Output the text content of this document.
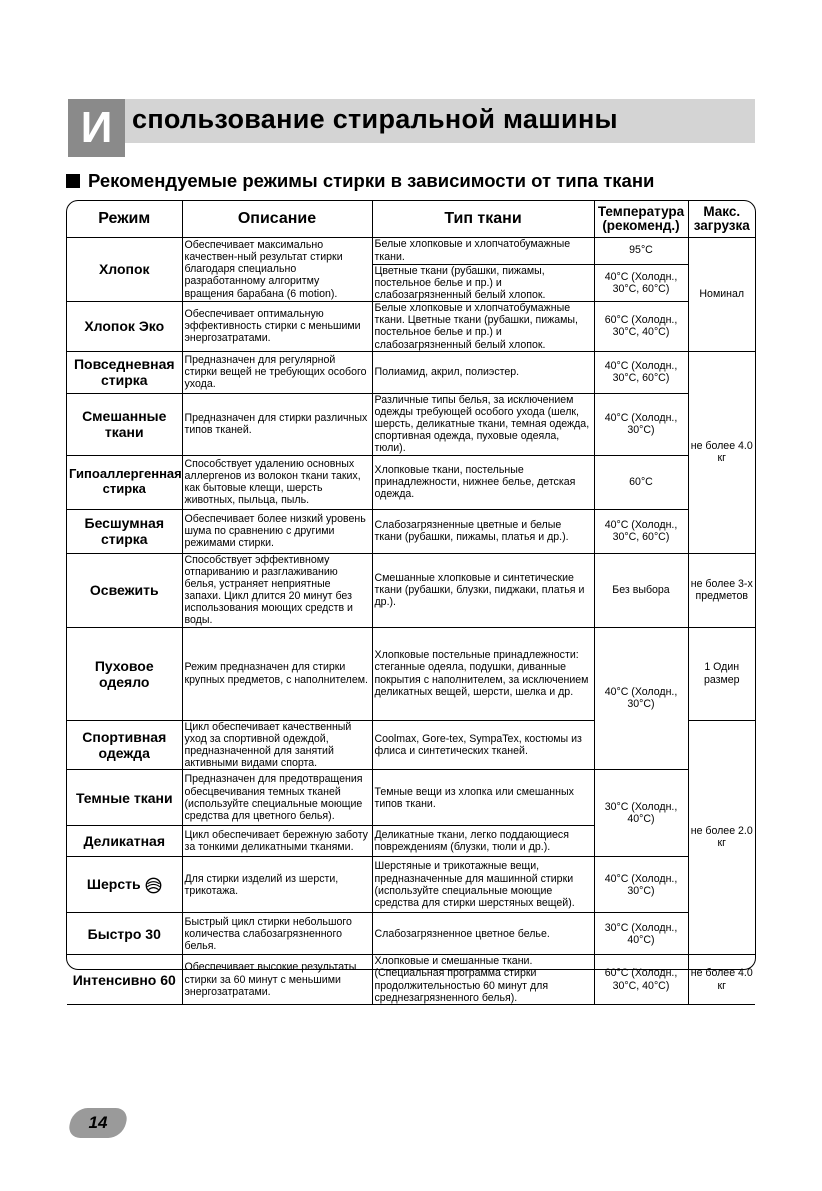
И спользование стиральной машины
Рекомендуемые режимы стирки в зависимости от типа ткани
Режим	Описание	Тип ткани	Температура (рекоменд.)	Макс. загрузка
Хлопок	Обеспечивает максимально качествен-ный результат стирки благодаря специально разработанному алгоритму вращения барабана (6 motion).	Белые хлопковые и хлопчатобумажные ткани.	95°C	Номинал
		Цветные ткани (рубашки, пижамы, постельное белье и пр.) и слабозагрязненный белый хлопок.	40°C (Холодн., 30°C, 60°C)	
Хлопок Эко	Обеспечивает оптимальную эффективность стирки с меньшими энергозатратами.	Белые хлопковые и хлопчатобумажные ткани. Цветные ткани (рубашки, пижамы, постельное белье и пр.) и слабозагрязненный белый хлопок.	60°C (Холодн., 30°C, 40°C)	
Повседневная стирка	Предназначен для регулярной стирки вещей не требующих особого ухода.	Полиамид, акрил, полиэстер.	40°C (Холодн., 30°C, 60°C)	не более 4.0 кг
Смешанные ткани	Предназначен для стирки различных типов тканей.	Различные типы белья, за исключением одежды требующей особого ухода (шелк, шерсть, деликатные ткани, темная одежда, спортивная одежда, пуховые одеяла, тюли).	40°C (Холодн., 30°C)	
Гипоаллергенная стирка	Способствует удалению основных аллергенов из волокон ткани таких, как бытовые клещи, шерсть животных, пыльца, пыль.	Хлопковые ткани, постельные принадлежности, нижнее белье, детская одежда.	60°C	
Бесшумная стирка	Обеспечивает более низкий уровень шума по сравнению с другими режимами стирки.	Слабозагрязненные цветные и белые ткани (рубашки, пижамы, платья и др.).	40°C (Холодн., 30°C, 60°C)	
Освежить	Способствует эффективному отпариванию и разглаживанию белья, устраняет неприятные запахи. Цикл длится 20 минут без использования моющих средств и воды.	Смешанные хлопковые и синтетические ткани (рубашки, блузки, пиджаки, платья и др.).	Без выбора	не более 3-х предметов
Пуховое одеяло	Режим предназначен для стирки крупных предметов, с наполнителем.	Хлопковые постельные принадлежности: стеганные одеяла, подушки, диванные покрытия с наполнителем, за исключением деликатных вещей, шерсти, шелка и др.	40°C (Холодн., 30°C)	1 Один размер
Спортивная одежда	Цикл обеспечивает качественный уход за спортивной одеждой, предназначенной для занятий активными видами спорта.	Coolmax, Gore-tex, SympaTex, костюмы из флиса и синтетических тканей.		не более 2.0 кг
Темные ткани	Предназначен для предотвращения обесцвечивания темных тканей (используйте специальные моющие средства для цветного белья).	Темные вещи из хлопка или смешанных типов ткани.	30°C (Холодн., 40°C)	
Деликатная	Цикл обеспечивает бережную заботу за тонкими деликатными тканями.	Деликатные ткани, легко поддающиеся повреждениям (блузки, тюли и др.).		
Шерсть	Для стирки изделий из шерсти, трикотажа.	Шерстяные и трикотажные вещи, предназначенные для машинной стирки (используйте специальные моющие средства для стирки шерстяных вещей).	40°C (Холодн., 30°C)	
Быстро 30	Быстрый цикл стирки небольшого количества слабозагрязненного белья.	Слабозагрязненное цветное белье.	30°C (Холодн., 40°C)	
Интенсивно 60	Обеспечивает высокие результаты стирки за 60 минут с меньшими энергозатратами.	Хлопковые и смешанные ткани. (Специальная программа стирки продолжительностью 60 минут для среднезагрязненного белья).	60°C (Холодн., 30°C, 40°C)	не более 4.0 кг
14
